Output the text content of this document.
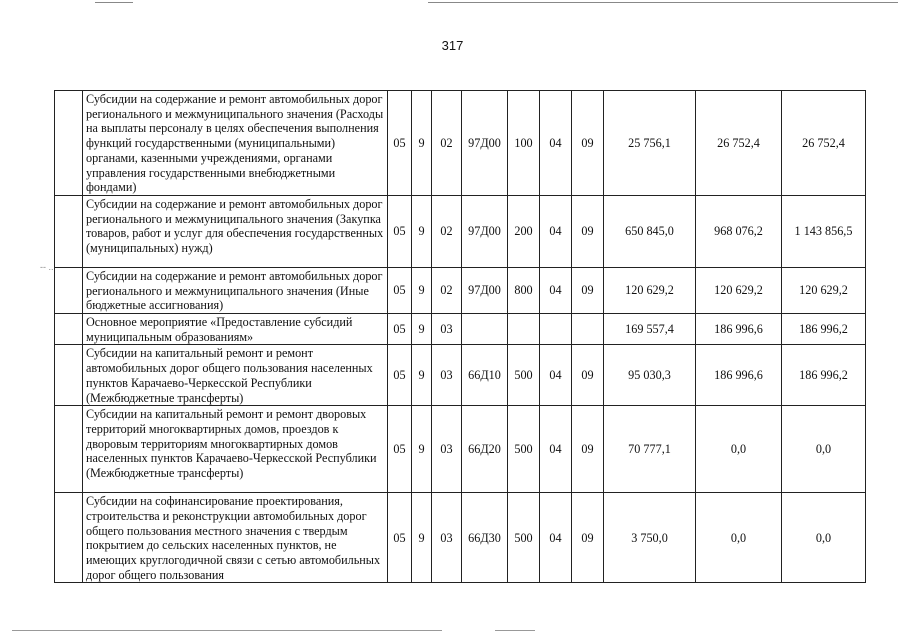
317
-- ..
	Субсидии на содержание и ремонт автомобильных дорог регионального и межмуниципального значения (Расходы на выплаты персоналу в целях обеспечения выполнения функций государственными (муниципальными) органами, казенными учреждениями, органами управления государственными внебюджетными фондами)	05	9	02	97Д00	100	04	09	25 756,1	26 752,4	26 752,4
	Субсидии на содержание и ремонт автомобильных дорог регионального и межмуниципального значения (Закупка товаров, работ и услуг для обеспечения государственных (муниципальных) нужд)	05	9	02	97Д00	200	04	09	650 845,0	968 076,2	1 143 856,5
	Субсидии на содержание и ремонт автомобильных дорог регионального и межмуниципального значения (Иные бюджетные ассигнования)	05	9	02	97Д00	800	04	09	120 629,2	120 629,2	120 629,2
	Основное мероприятие «Предоставление субсидий муниципальным образованиям»	05	9	03					169 557,4	186 996,6	186 996,2
	Субсидии на капитальный ремонт и ремонт автомобильных дорог общего пользования населенных пунктов Карачаево-Черкесской Республики (Межбюджетные трансферты)	05	9	03	66Д10	500	04	09	95 030,3	186 996,6	186 996,2
	Субсидии на капитальный ремонт и ремонт дворовых территорий многоквартирных домов, проездов к дворовым территориям многоквартирных домов населенных пунктов Карачаево-Черкесской Республики (Межбюджетные трансферты)	05	9	03	66Д20	500	04	09	70 777,1	0,0	0,0
	Субсидии на софинансирование проектирования, строительства и реконструкции автомобильных дорог общего пользования местного значения с твердым покрытием до сельских населенных пунктов, не имеющих круглогодичной связи с сетью автомобильных дорог общего пользования	05	9	03	66Д30	500	04	09	3 750,0	0,0	0,0
